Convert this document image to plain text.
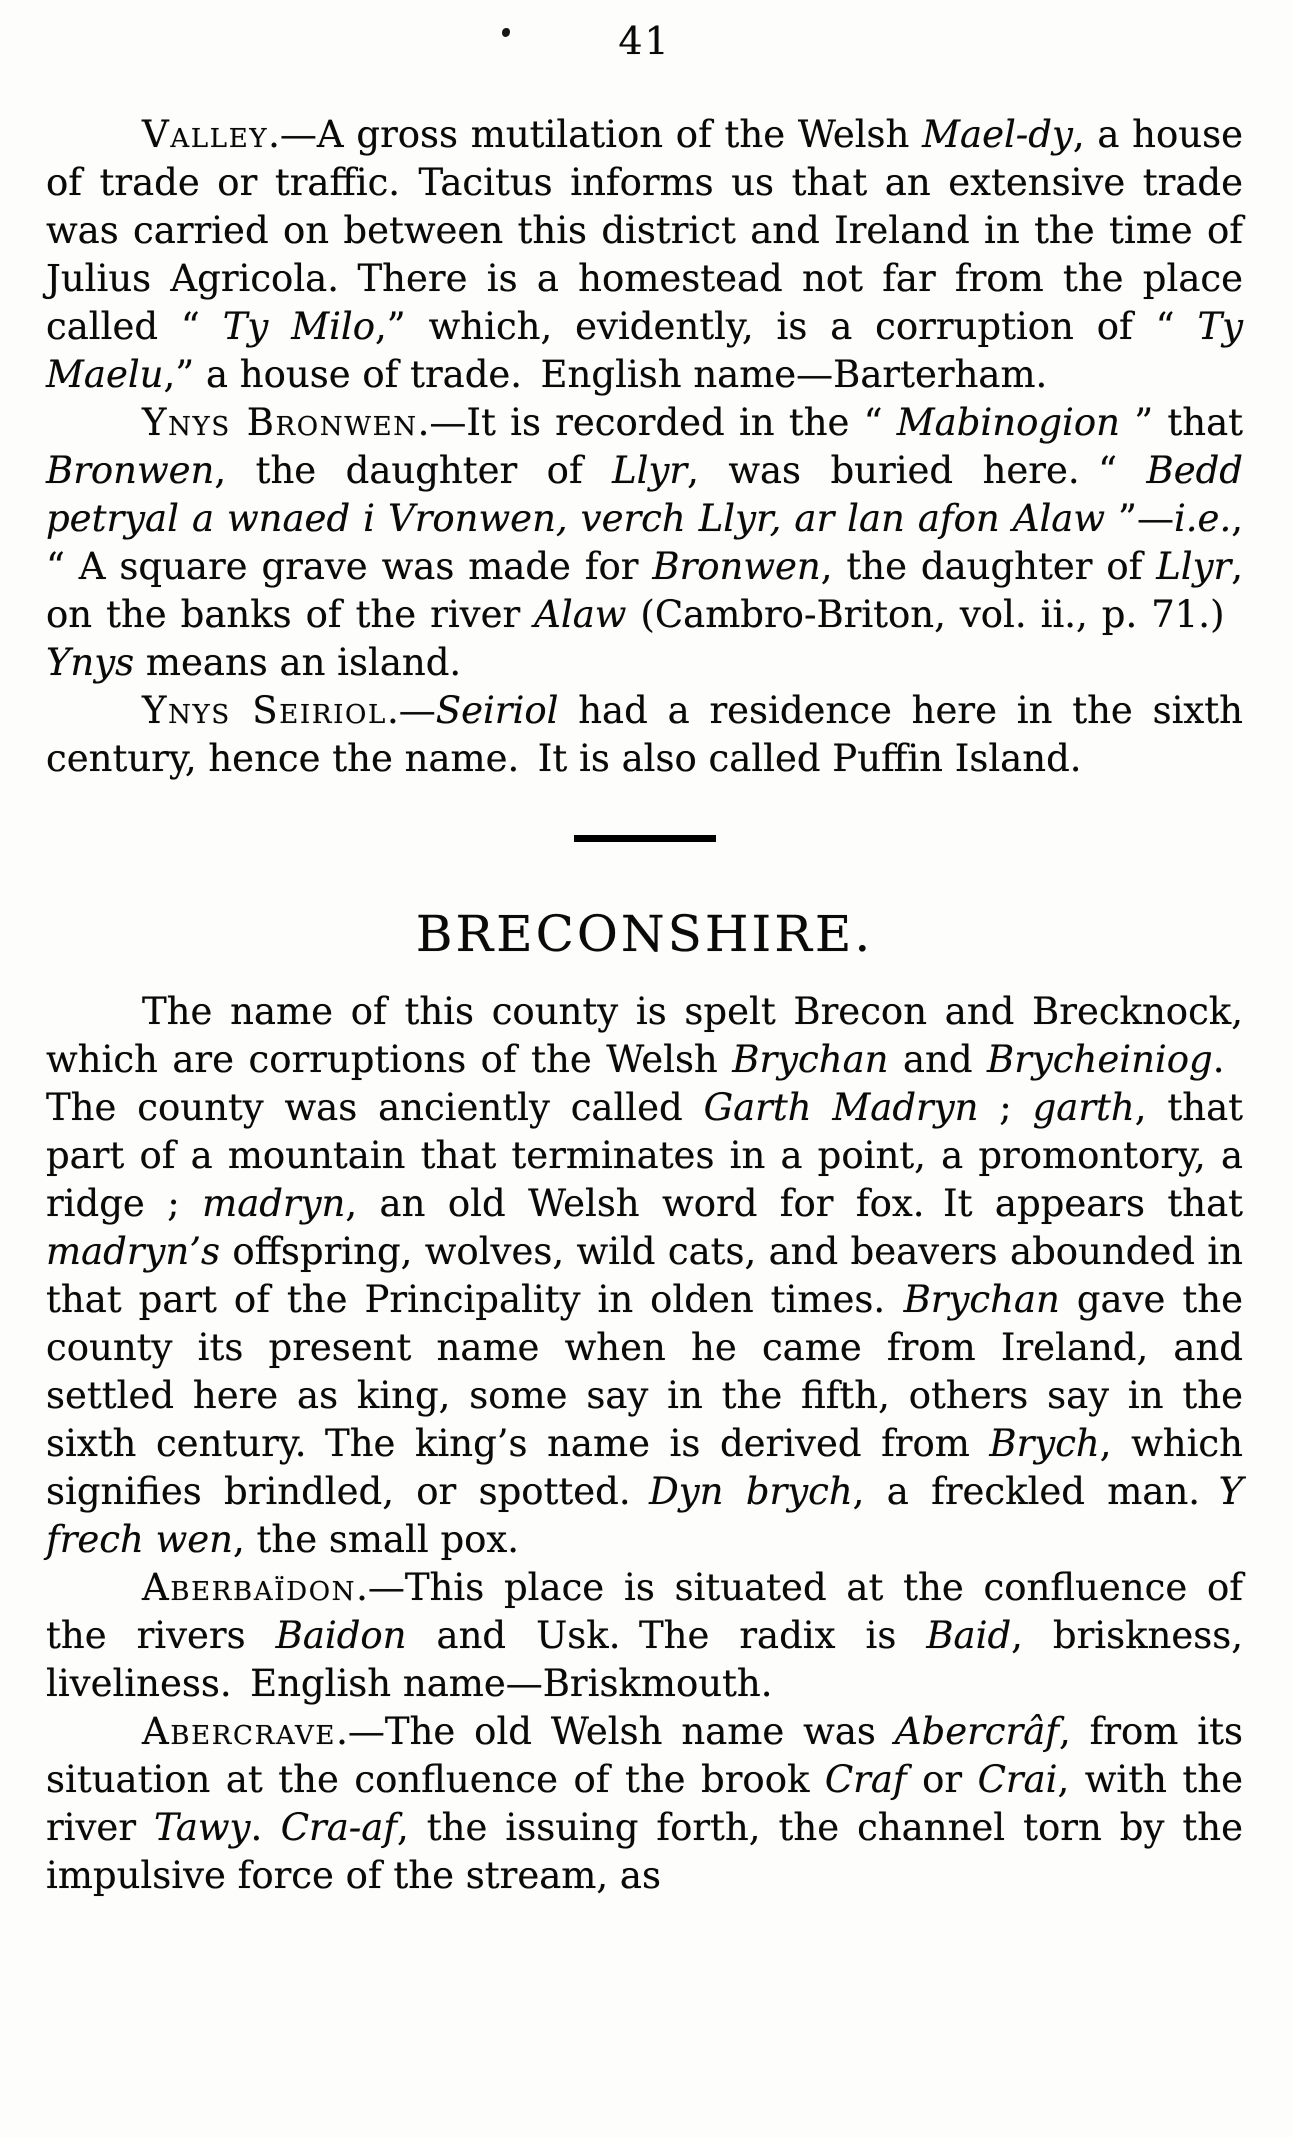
41

Valley.—A gross mutilation of the Welsh Mael-dy, a house of trade or traffic. Tacitus informs us that an extensive trade was carried on between this district and Ireland in the time of Julius Agricola. There is a homestead not far from the place called “ Ty Milo,” which, evidently, is a corruption of “ Ty Maelu,” a house of trade. English name—Barterham.

Ynys Bronwen.—It is recorded in the “ Mabinogion ” that Bronwen, the daughter of Llyr, was buried here. “ Bedd petryal a wnaed i Vronwen, verch Llyr, ar lan afon Alaw ”—i.e., “ A square grave was made for Bronwen, the daughter of Llyr, on the banks of the river Alaw (Cambro-Briton, vol. ii., p. 71.) Ynys means an island.

Ynys Seiriol.—Seiriol had a residence here in the sixth century, hence the name. It is also called Puffin Island.

BRECONSHIRE.

The name of this county is spelt Brecon and Brecknock, which are corruptions of the Welsh Brychan and Brycheiniog. The county was anciently called Garth Madryn ; garth, that part of a mountain that terminates in a point, a promontory, a ridge ; madryn, an old Welsh word for fox. It appears that madryn’s offspring, wolves, wild cats, and beavers abounded in that part of the Principality in olden times. Brychan gave the county its present name when he came from Ireland, and settled here as king, some say in the fifth, others say in the sixth century. The king’s name is derived from Brych, which signifies brindled, or spotted. Dyn brych, a freckled man. Y frech wen, the small pox.

Aberbaïdon.—This place is situated at the confluence of the rivers Baidon and Usk. The radix is Baid, briskness, liveliness. English name—Briskmouth.

Abercrave.—The old Welsh name was Abercrâf, from its situation at the confluence of the brook Craf or Crai, with the river Tawy. Cra-af, the issuing forth, the channel torn by the impulsive force of the stream, as
